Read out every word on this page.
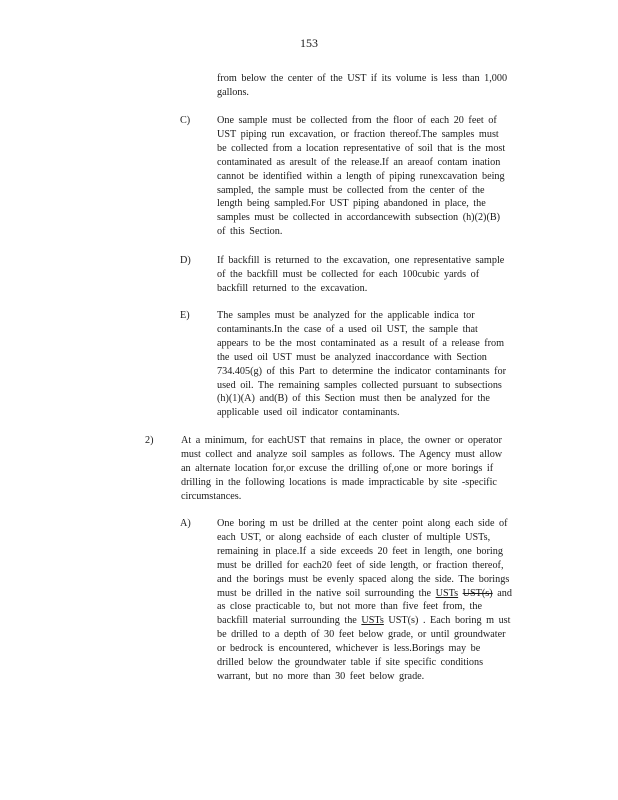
153
from below the center of the UST if its volume is less than 1,000
gallons.
C)	One sample must be collected from the floor of each 20 feet of
UST piping run excavation, or fraction thereof.The samples must
be collected from a location representative of soil that is the most
contaminated as aresult of the release.If an areaof contam ination
cannot be identified within a length of piping runexcavation being
sampled, the sample must be collected from the center of the
length being sampled.For UST piping abandoned in place, the
samples must be collected in accordancewith subsection (h)(2)(B)
of this Section.
D)	If backfill is returned to the excavation, one representative sample
of the backfill must be collected for each 100cubic yards of
backfill returned to the excavation.
E)	The samples must be analyzed for the applicable indica tor
contaminants.In the case of a used oil UST, the sample that
appears to be the most contaminated as a result of a release from
the used oil UST must be analyzed inaccordance with Section
734.405(g) of this Part to determine the indicator contaminants for
used oil. The remaining samples collected pursuant to subsections
(h)(1)(A) and(B) of this Section must then be analyzed for the
applicable used oil indicator contaminants.
2)	At a minimum, for eachUST that remains in place, the owner or operator
must collect and analyze soil samples as follows. The Agency must allow
an alternate location for,or excuse the drilling of,one or more borings if
drilling in the following locations is made impracticable by site -specific
circumstances.
A)	One boring m ust be drilled at the center point along each side of
each UST, or along eachside of each cluster of multiple USTs,
remaining in place.If a side exceeds 20 feet in length, one boring
must be drilled for each20 feet of side length, or fraction thereof,
and the borings must be evenly spaced along the side. The borings
must be drilled in the native soil surrounding the USTs UST(s) and
as close practicable to, but not more than five feet from, the
backfill material surrounding the USTs UST(s) . Each boring m ust
be drilled to a depth of 30 feet below grade, or until groundwater
or bedrock is encountered, whichever is less.Borings may be
drilled below the groundwater table if site specific conditions
warrant, but no more than 30 feet below grade.
